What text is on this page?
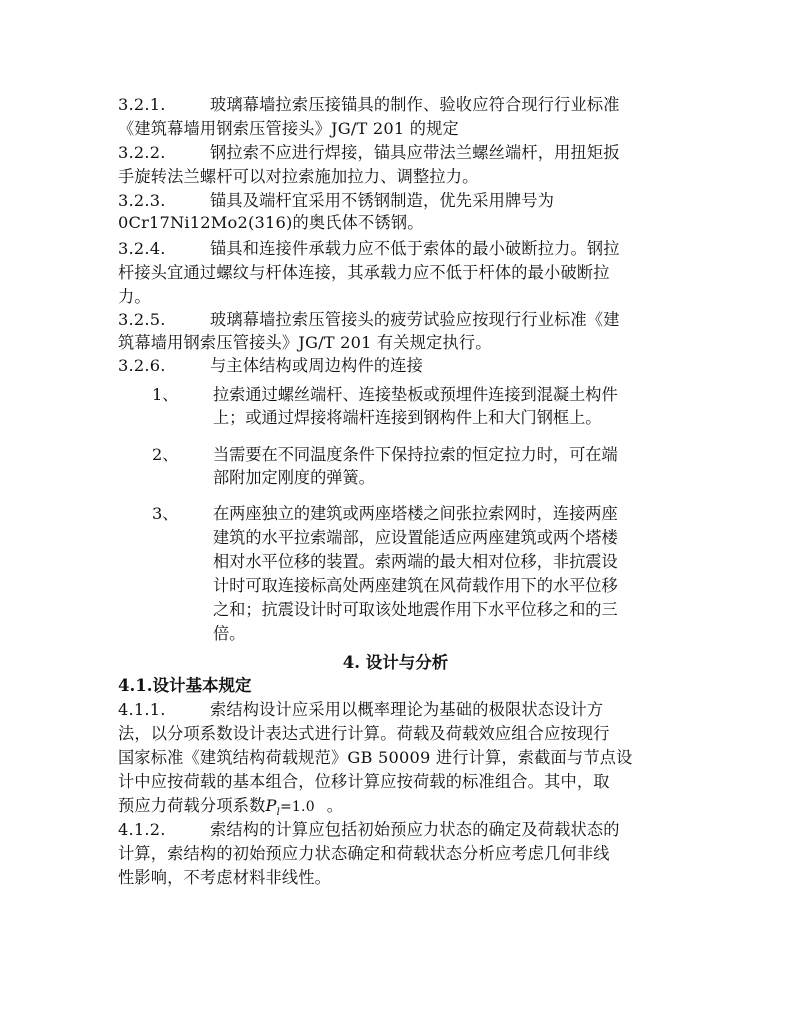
3.2.1.	玻璃幕墙拉索压接锚具的制作、验收应符合现行行业标准
《建筑幕墙用钢索压管接头》JG/T 201 的规定
3.2.2.	钢拉索不应进行焊接，锚具应带法兰螺丝端杆，用扭矩扳
手旋转法兰螺杆可以对拉索施加拉力、调整拉力。
3.2.3.	锚具及端杆宜采用不锈钢制造，优先采用牌号为
0Cr17Ni12Mo2(316)的奥氏体不锈钢。
3.2.4.	锚具和连接件承载力应不低于索体的最小破断拉力。钢拉
杆接头宜通过螺纹与杆体连接，其承载力应不低于杆体的最小破断拉
力。
3.2.5.	玻璃幕墙拉索压管接头的疲劳试验应按现行行业标准《建
筑幕墙用钢索压管接头》JG/T 201 有关规定执行。
3.2.6.	与主体结构或周边构件的连接
1、 拉索通过螺丝端杆、连接垫板或预埋件连接到混凝土构件
上；或通过焊接将端杆连接到钢构件上和大门钢框上。
2、 当需要在不同温度条件下保持拉索的恒定拉力时，可在端
部附加定刚度的弹簧。
3、 在两座独立的建筑或两座塔楼之间张拉索网时，连接两座
建筑的水平拉索端部，应设置能适应两座建筑或两个塔楼
相对水平位移的装置。索两端的最大相对位移，非抗震设
计时可取连接标高处两座建筑在风荷载作用下的水平位移
之和；抗震设计时可取该处地震作用下水平位移之和的三
倍。
4. 设计与分析
4.1.设计基本规定
4.1.1.	索结构设计应采用以概率理论为基础的极限状态设计方
法，以分项系数设计表达式进行计算。荷载及荷载效应组合应按现行
国家标准《建筑结构荷载规范》GB 50009 进行计算，索截面与节点设
计中应按荷载的基本组合，位移计算应按荷载的标准组合。其中，取
预应力荷载分项系数$P_l=1.0$ 。
4.1.2.	索结构的计算应包括初始预应力状态的确定及荷载状态的
计算，索结构的初始预应力状态确定和荷载状态分析应考虑几何非线
性影响，不考虑材料非线性。
